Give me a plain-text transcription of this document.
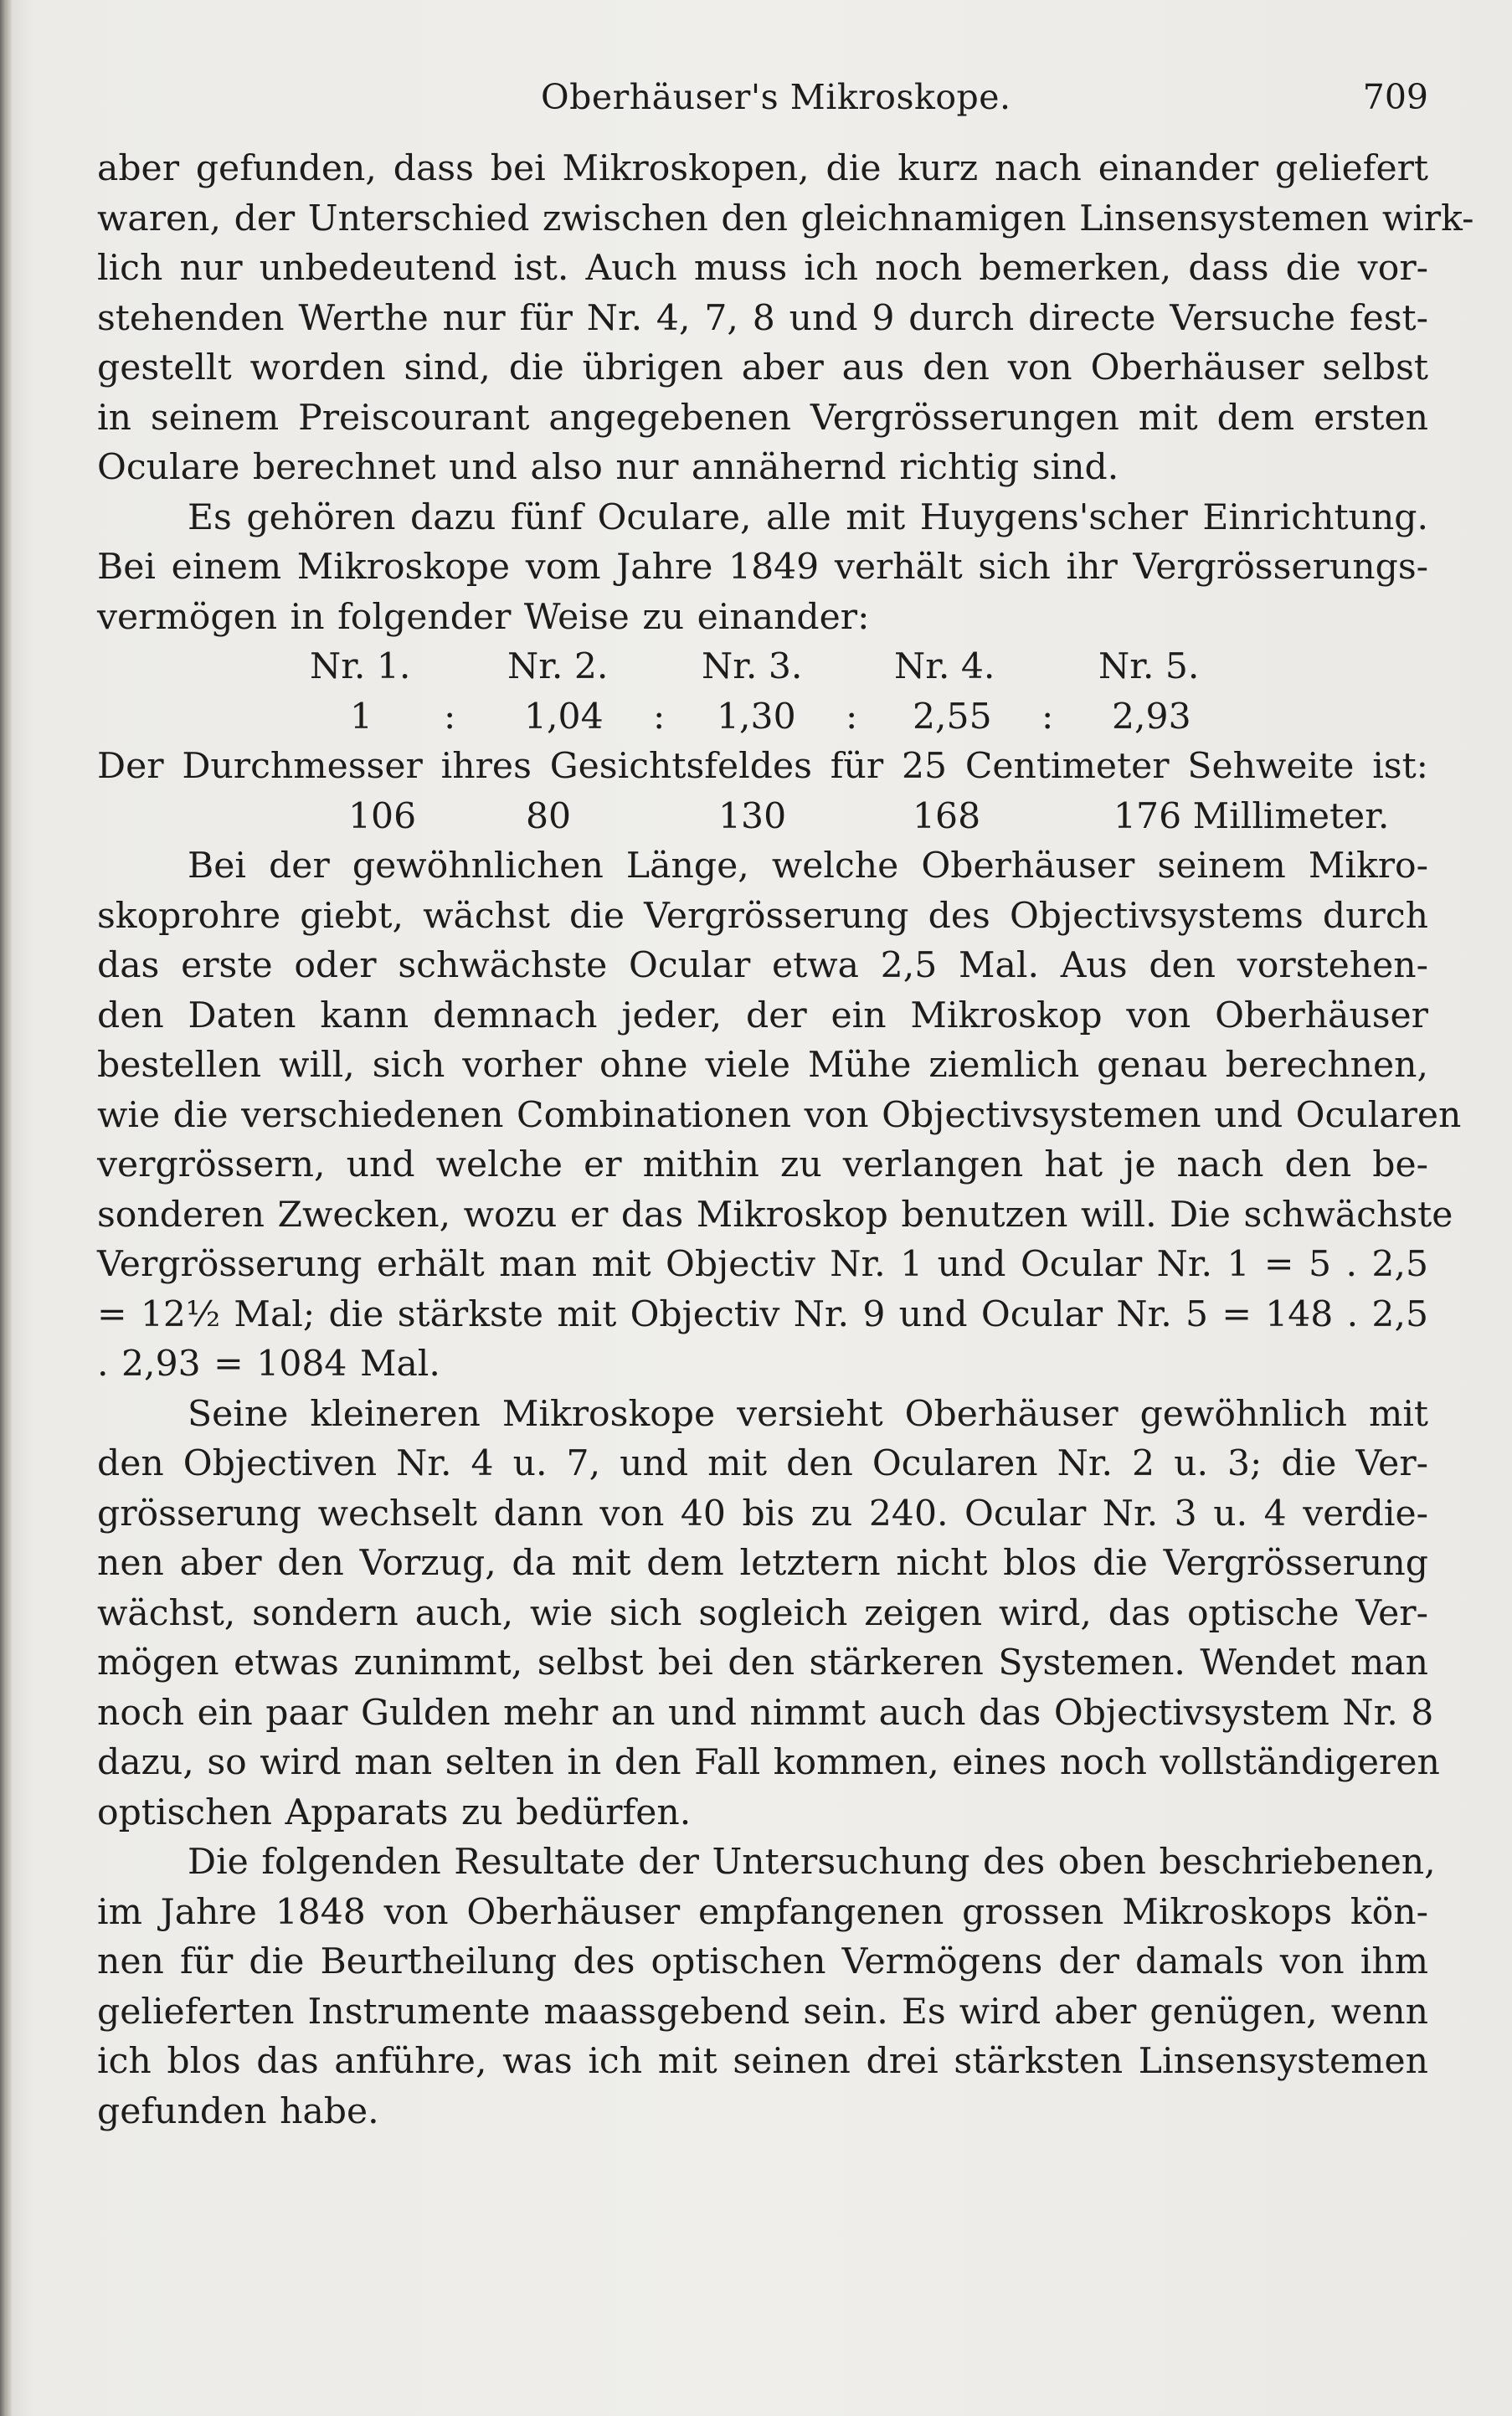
Oberhäuser's Mikroskope.	709
aber gefunden, dass bei Mikroskopen, die kurz nach einander geliefert
waren, der Unterschied zwischen den gleichnamigen Linsensystemen wirk-
lich nur unbedeutend ist. Auch muss ich noch bemerken, dass die vor-
stehenden Werthe nur für Nr. 4, 7, 8 und 9 durch directe Versuche fest-
gestellt worden sind, die übrigen aber aus den von Oberhäuser selbst
in seinem Preiscourant angegebenen Vergrösserungen mit dem ersten
Oculare berechnet und also nur annähernd richtig sind.
Es gehören dazu fünf Oculare, alle mit Huygens'scher Einrichtung.
Bei einem Mikroskope vom Jahre 1849 verhält sich ihr Vergrösserungs-
vermögen in folgender Weise zu einander:
Nr. 1.	Nr. 2.	Nr. 3.	Nr. 4.	Nr. 5.
1 : 1,04 : 1,30 : 2,55 : 2,93
Der Durchmesser ihres Gesichtsfeldes für 25 Centimeter Sehweite ist:
106	80	130	168	176 Millimeter.
Bei der gewöhnlichen Länge, welche Oberhäuser seinem Mikro-
skoprohre giebt, wächst die Vergrösserung des Objectivsystems durch
das erste oder schwächste Ocular etwa 2,5 Mal. Aus den vorstehen-
den Daten kann demnach jeder, der ein Mikroskop von Oberhäuser
bestellen will, sich vorher ohne viele Mühe ziemlich genau berechnen,
wie die verschiedenen Combinationen von Objectivsystemen und Ocularen
vergrössern, und welche er mithin zu verlangen hat je nach den be-
sonderen Zwecken, wozu er das Mikroskop benutzen will. Die schwächste
Vergrösserung erhält man mit Objectiv Nr. 1 und Ocular Nr. 1 = 5 . 2,5
= 12½ Mal; die stärkste mit Objectiv Nr. 9 und Ocular Nr. 5 = 148 . 2,5
. 2,93 = 1084 Mal.
Seine kleineren Mikroskope versieht Oberhäuser gewöhnlich mit
den Objectiven Nr. 4 u. 7, und mit den Ocularen Nr. 2 u. 3; die Ver-
grösserung wechselt dann von 40 bis zu 240. Ocular Nr. 3 u. 4 verdie-
nen aber den Vorzug, da mit dem letztern nicht blos die Vergrösserung
wächst, sondern auch, wie sich sogleich zeigen wird, das optische Ver-
mögen etwas zunimmt, selbst bei den stärkeren Systemen. Wendet man
noch ein paar Gulden mehr an und nimmt auch das Objectivsystem Nr. 8
dazu, so wird man selten in den Fall kommen, eines noch vollständigeren
optischen Apparats zu bedürfen.
Die folgenden Resultate der Untersuchung des oben beschriebenen,
im Jahre 1848 von Oberhäuser empfangenen grossen Mikroskops kön-
nen für die Beurtheilung des optischen Vermögens der damals von ihm
gelieferten Instrumente maassgebend sein. Es wird aber genügen, wenn
ich blos das anführe, was ich mit seinen drei stärksten Linsensystemen
gefunden habe.
